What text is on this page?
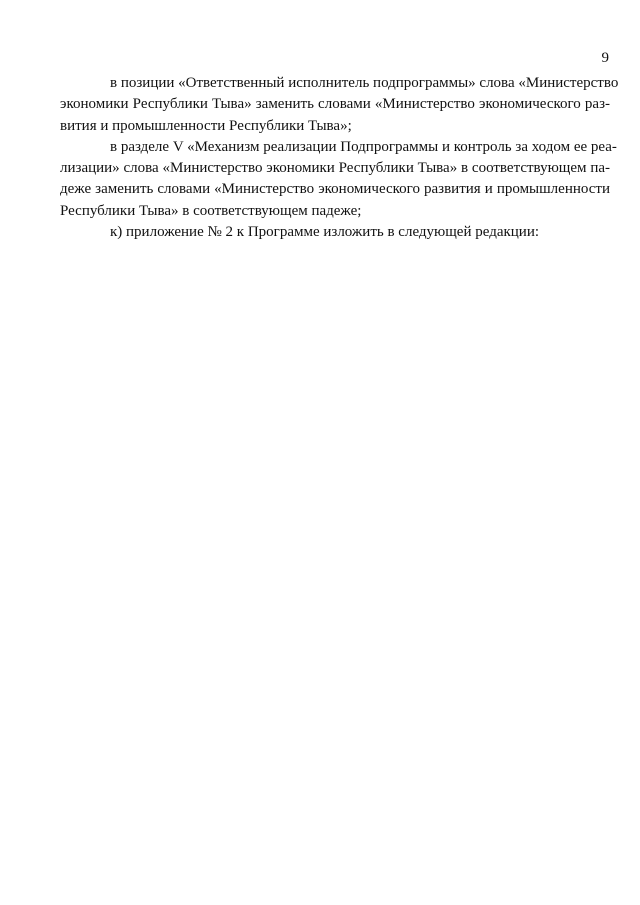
9
в позиции «Ответственный исполнитель подпрограммы» слова «Министерство
экономики Республики Тыва» заменить словами «Министерство экономического раз-
вития и промышленности Республики Тыва»;
в разделе V «Механизм реализации Подпрограммы и контроль за ходом ее реа-
лизации» слова «Министерство экономики Республики Тыва» в соответствующем па-
деже заменить словами «Министерство экономического развития и промышленности
Республики Тыва» в соответствующем падеже;
к) приложение № 2 к Программе изложить в следующей редакции:
